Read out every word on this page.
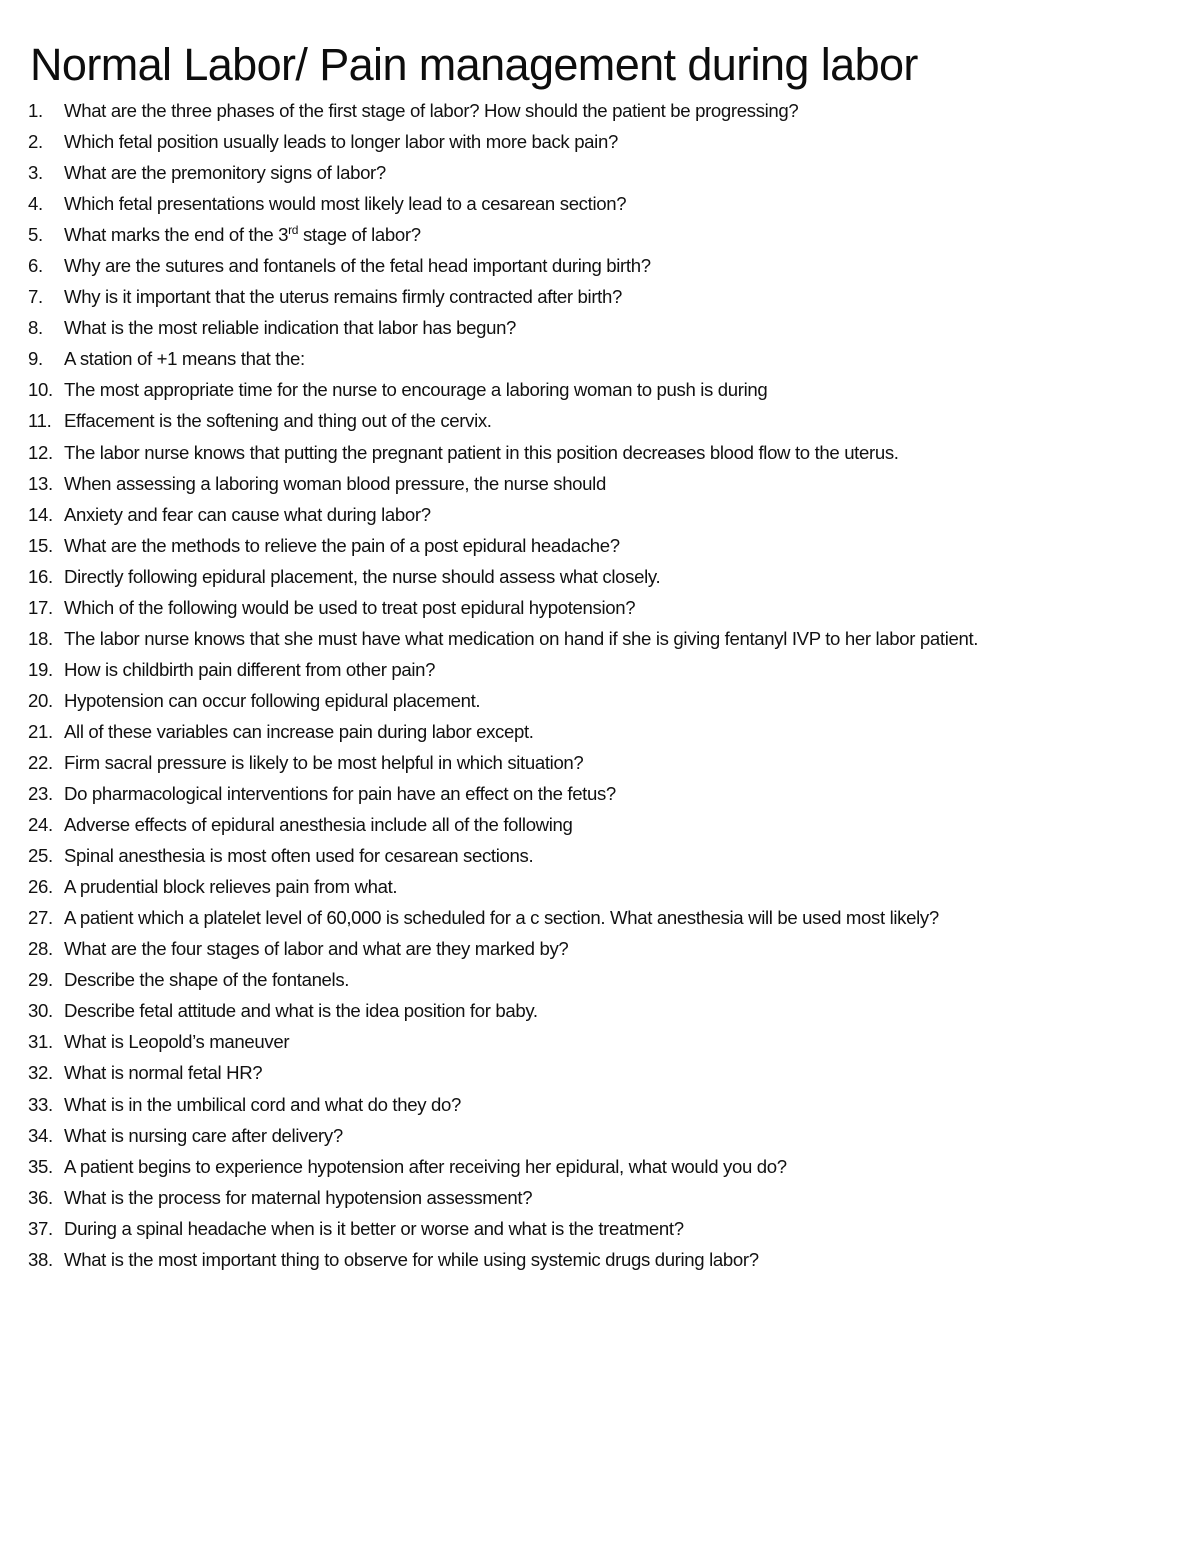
Normal Labor/ Pain management during labor
1. What are the three phases of the first stage of labor? How should the patient be progressing?
2. Which fetal position usually leads to longer labor with more back pain?
3. What are the premonitory signs of labor?
4. Which fetal presentations would most likely lead to a cesarean section?
5. What marks the end of the 3rd stage of labor?
6. Why are the sutures and fontanels of the fetal head important during birth?
7. Why is it important that the uterus remains firmly contracted after birth?
8. What is the most reliable indication that labor has begun?
9. A station of +1 means that the:
10. The most appropriate time for the nurse to encourage a laboring woman to push is during
11. Effacement is the softening and thing out of the cervix.
12. The labor nurse knows that putting the pregnant patient in this position decreases blood flow to the uterus.
13. When assessing a laboring woman blood pressure, the nurse should
14. Anxiety and fear can cause what during labor?
15. What are the methods to relieve the pain of a post epidural headache?
16. Directly following epidural placement, the nurse should assess what closely.
17. Which of the following would be used to treat post epidural hypotension?
18. The labor nurse knows that she must have what medication on hand if she is giving fentanyl IVP to her labor patient.
19. How is childbirth pain different from other pain?
20. Hypotension can occur following epidural placement.
21. All of these variables can increase pain during labor except.
22. Firm sacral pressure is likely to be most helpful in which situation?
23. Do pharmacological interventions for pain have an effect on the fetus?
24. Adverse effects of epidural anesthesia include all of the following
25. Spinal anesthesia is most often used for cesarean sections.
26. A prudential block relieves pain from what.
27. A patient which a platelet level of 60,000 is scheduled for a c section. What anesthesia will be used most likely?
28. What are the four stages of labor and what are they marked by?
29. Describe the shape of the fontanels.
30. Describe fetal attitude and what is the idea position for baby.
31. What is Leopold’s maneuver
32. What is normal fetal HR?
33. What is in the umbilical cord and what do they do?
34. What is nursing care after delivery?
35. A patient begins to experience hypotension after receiving her epidural, what would you do?
36. What is the process for maternal hypotension assessment?
37. During a spinal headache when is it better or worse and what is the treatment?
38. What is the most important thing to observe for while using systemic drugs during labor?
